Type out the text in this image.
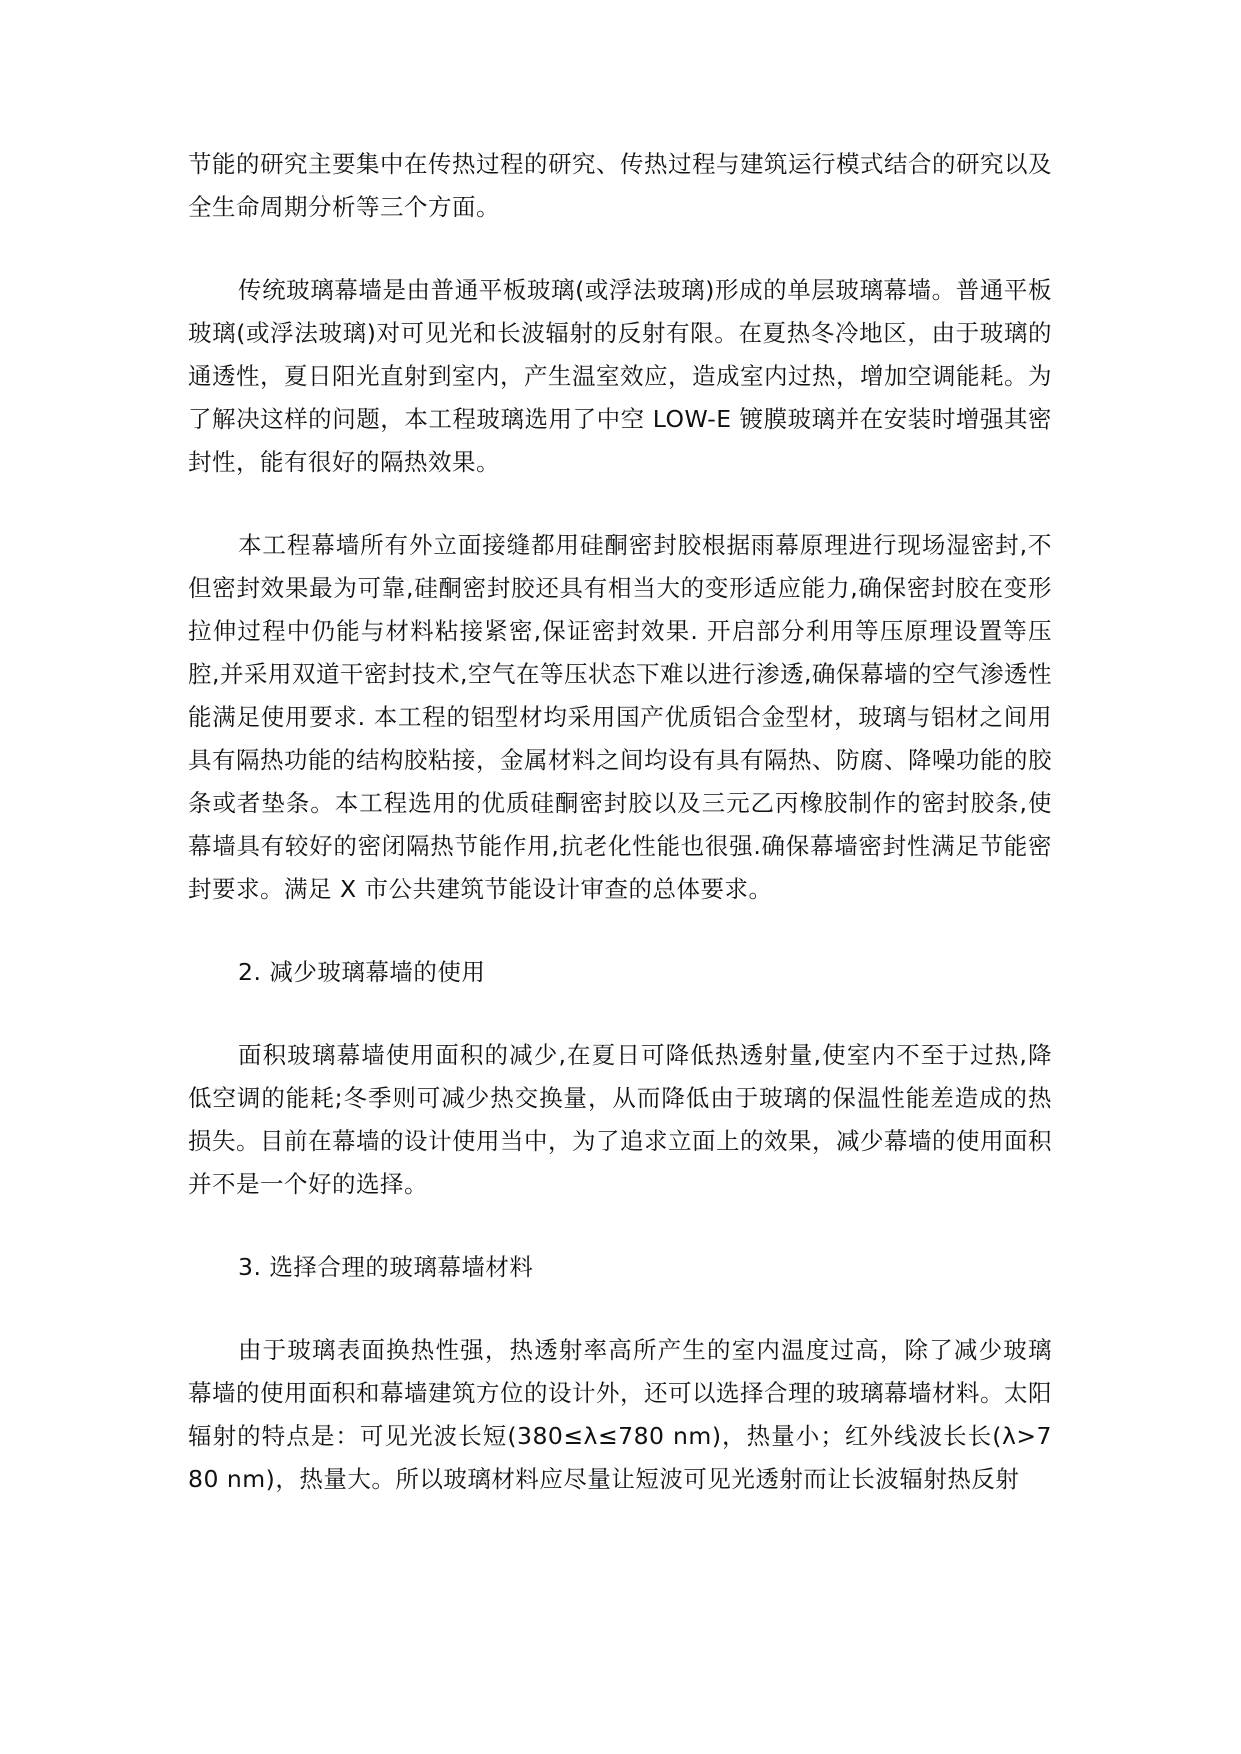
节能的研究主要集中在传热过程的研究、传热过程与建筑运行模式结合的研究以及全生命周期分析等三个方面。

传统玻璃幕墙是由普通平板玻璃(或浮法玻璃)形成的单层玻璃幕墙。普通平板玻璃(或浮法玻璃)对可见光和长波辐射的反射有限。在夏热冬冷地区，由于玻璃的通透性，夏日阳光直射到室内，产生温室效应，造成室内过热，增加空调能耗。为了解决这样的问题，本工程玻璃选用了中空 LOW-E 镀膜玻璃并在安装时增强其密封性，能有很好的隔热效果。

本工程幕墙所有外立面接缝都用硅酮密封胶根据雨幕原理进行现场湿密封,不但密封效果最为可靠,硅酮密封胶还具有相当大的变形适应能力,确保密封胶在变形拉伸过程中仍能与材料粘接紧密,保证密封效果. 开启部分利用等压原理设置等压腔,并采用双道干密封技术,空气在等压状态下难以进行渗透,确保幕墙的空气渗透性能满足使用要求. 本工程的铝型材均采用国产优质铝合金型材，玻璃与铝材之间用具有隔热功能的结构胶粘接，金属材料之间均设有具有隔热、防腐、降噪功能的胶条或者垫条。本工程选用的优质硅酮密封胶以及三元乙丙橡胶制作的密封胶条,使幕墙具有较好的密闭隔热节能作用,抗老化性能也很强.确保幕墙密封性满足节能密封要求。满足 X 市公共建筑节能设计审查的总体要求。

2. 减少玻璃幕墙的使用

面积玻璃幕墙使用面积的减少,在夏日可降低热透射量,使室内不至于过热,降低空调的能耗;冬季则可减少热交换量，从而降低由于玻璃的保温性能差造成的热损失。目前在幕墙的设计使用当中，为了追求立面上的效果，减少幕墙的使用面积并不是一个好的选择。

3. 选择合理的玻璃幕墙材料

由于玻璃表面换热性强，热透射率高所产生的室内温度过高，除了减少玻璃幕墙的使用面积和幕墙建筑方位的设计外，还可以选择合理的玻璃幕墙材料。太阳辐射的特点是：可见光波长短(380≤λ≤780 nm)，热量小；红外线波长长(λ>780 nm)，热量大。所以玻璃材料应尽量让短波可见光透射而让长波辐射热反射
